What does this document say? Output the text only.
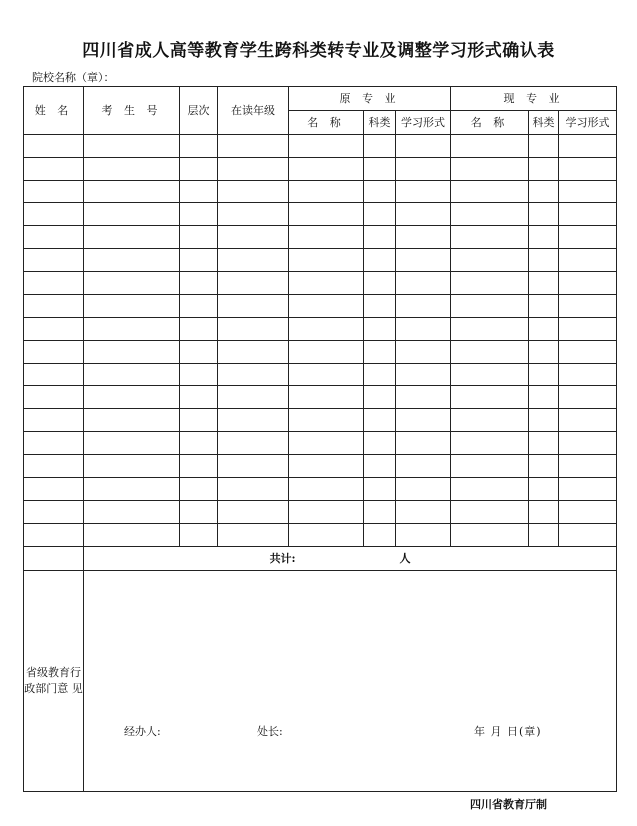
四川省成人高等教育学生跨科类转专业及调整学习形式确认表
院校名称（章）：
姓 名	考 生 号	层次	在读年级	原 专 业			现 专 业		
				名 称	科类	学习形式	名 称	科类	学习形式

	共计: 人								
省级教育行政部门意 见	经办人: 处长: 年 月 日(章)								
四川省教育厅制
